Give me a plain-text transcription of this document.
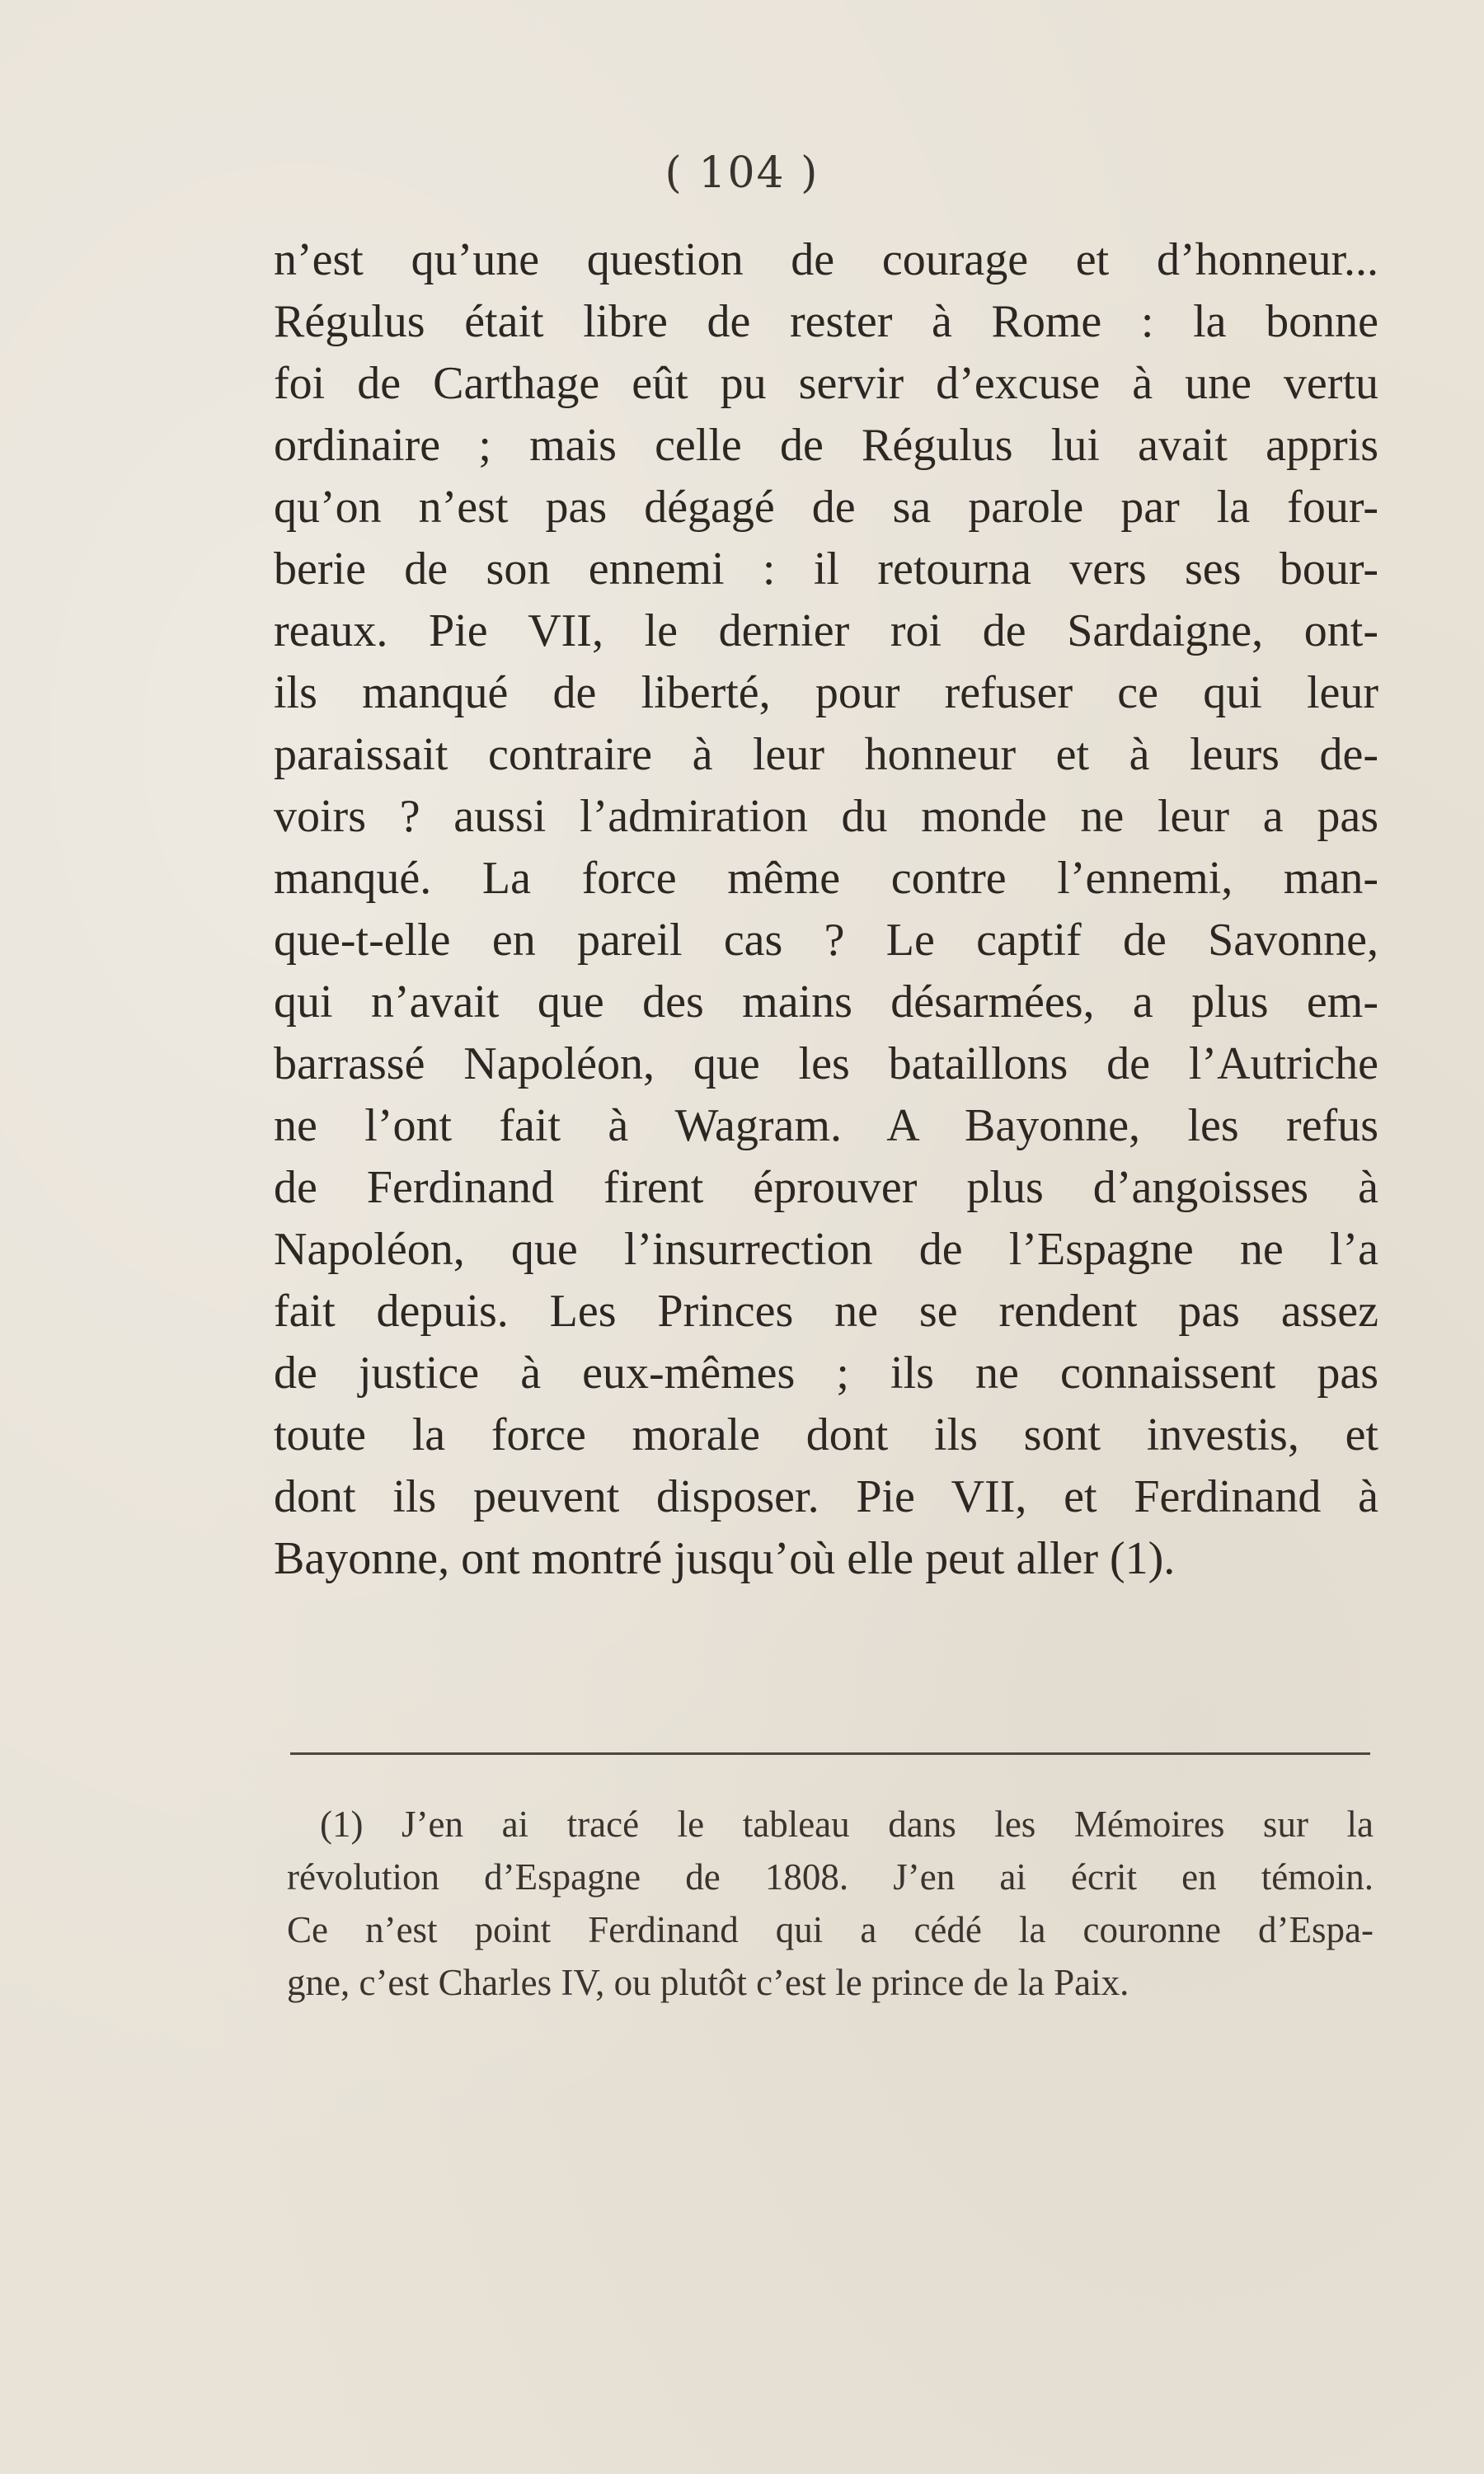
( 104 )
n’est qu’une question de courage et d’honneur...
Régulus était libre de rester à Rome : la bonne
foi de Carthage eût pu servir d’excuse à une vertu
ordinaire ; mais celle de Régulus lui avait appris
qu’on n’est pas dégagé de sa parole par la four-
berie de son ennemi : il retourna vers ses bour-
reaux. Pie VII, le dernier roi de Sardaigne, ont-
ils manqué de liberté, pour refuser ce qui leur
paraissait contraire à leur honneur et à leurs de-
voirs ? aussi l’admiration du monde ne leur a pas
manqué. La force même contre l’ennemi, man-
que-t-elle en pareil cas ? Le captif de Savonne,
qui n’avait que des mains désarmées, a plus em-
barrassé Napoléon, que les bataillons de l’Autriche
ne l’ont fait à Wagram. A Bayonne, les refus
de Ferdinand firent éprouver plus d’angoisses à
Napoléon, que l’insurrection de l’Espagne ne l’a
fait depuis. Les Princes ne se rendent pas assez
de justice à eux-mêmes ; ils ne connaissent pas
toute la force morale dont ils sont investis, et
dont ils peuvent disposer. Pie VII, et Ferdinand à
Bayonne, ont montré jusqu’où elle peut aller (1).
(1) J’en ai tracé le tableau dans les Mémoires sur la
révolution d’Espagne de 1808. J’en ai écrit en témoin.
Ce n’est point Ferdinand qui a cédé la couronne d’Espa-
gne, c’est Charles IV, ou plutôt c’est le prince de la Paix.
